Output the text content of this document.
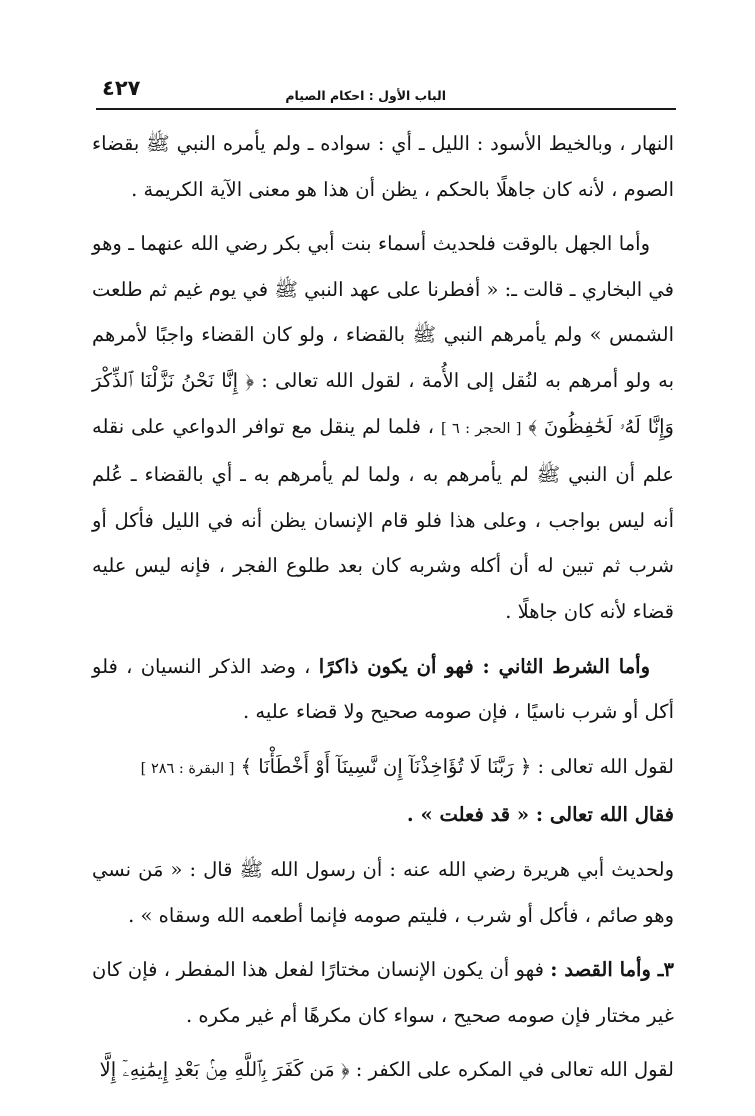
الباب الأول : احكام الصيام
٤٢٧

النهار ، وبالخيط الأسود : الليل ـ أي : سواده ـ ولم يأمره النبي ﷺ بقضاء الصوم ، لأنه كان جاهلًا بالحكم ، يظن أن هذا هو معنى الآية الكريمة .

وأما الجهل بالوقت فلحديث أسماء بنت أبي بكر رضي الله عنهما ـ وهو في البخاري ـ قالت ـ: « أفطرنا على عهد النبي ﷺ في يوم غيم ثم طلعت الشمس » ولم يأمرهم النبي ﷺ بالقضاء ، ولو كان القضاء واجبًا لأمرهم به ولو أمرهم به لنُقل إلى الأُمة ، لقول الله تعالى : ﴿ إِنَّا نَحْنُ نَزَّلْنَا ٱلذِّكْرَ وَإِنَّا لَهُۥ لَحَٰفِظُونَ ﴾ [ الحجر : ٦ ] ، فلما لم ينقل مع توافر الدواعي على نقله علم أن النبي ﷺ لم يأمرهم به ، ولما لم يأمرهم به ـ أي بالقضاء ـ عُلم أنه ليس بواجب ، وعلى هذا فلو قام الإنسان يظن أنه في الليل فأكل أو شرب ثم تبين له أن أكله وشربه كان بعد طلوع الفجر ، فإنه ليس عليه قضاء لأنه كان جاهلًا .

وأما الشرط الثاني : فهو أن يكون ذاكرًا ، وضد الذكر النسيان ، فلو أكل أو شرب ناسيًا ، فإن صومه صحيح ولا قضاء عليه .

لقول الله تعالى : ﴿ رَبَّنَا لَا تُؤَاخِذْنَآ إِن نَّسِينَآ أَوْ أَخْطَأْنَا ﴾ [ البقرة : ٢٨٦ ]
فقال الله تعالى : « قد فعلت » .

ولحديث أبي هريرة رضي الله عنه : أن رسول الله ﷺ قال : « مَن نسي وهو صائم ، فأكل أو شرب ، فليتم صومه فإنما أطعمه الله وسقاه » .

٣ـ وأما القصد : فهو أن يكون الإنسان مختارًا لفعل هذا المفطر ، فإن كان غير مختار فإن صومه صحيح ، سواء كان مكرهًا أم غير مكره .

لقول الله تعالى في المكره على الكفر : ﴿ مَن كَفَرَ بِٱللَّهِ مِنۢ بَعْدِ إِيمَٰنِهِۦٓ إِلَّا
